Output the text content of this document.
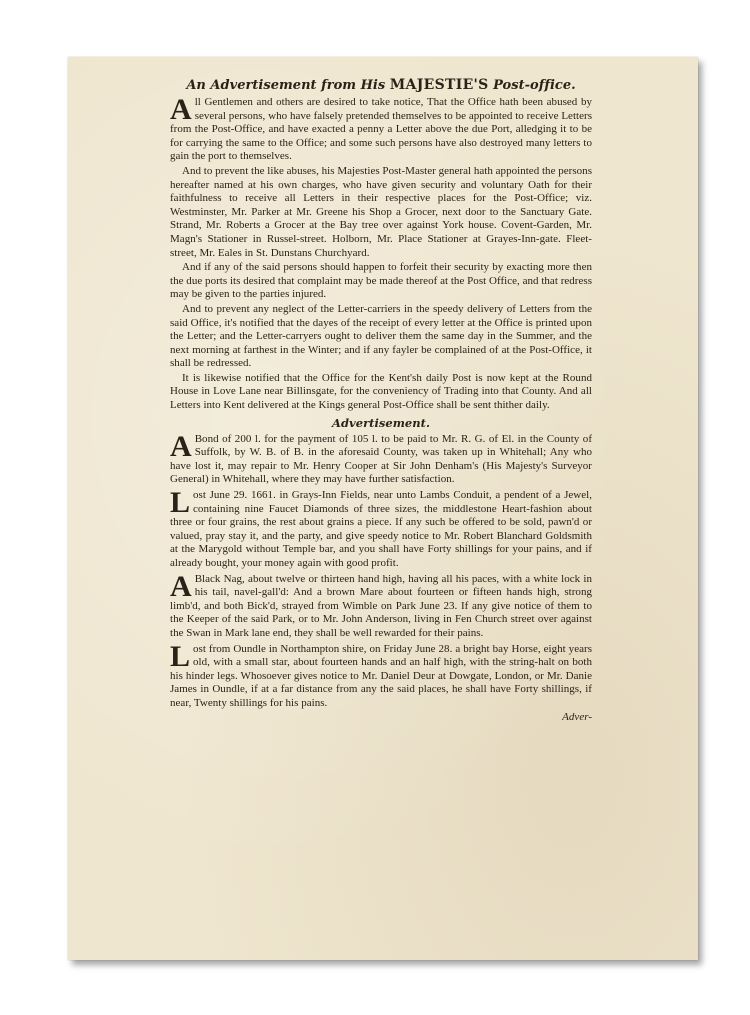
An Advertisement from His MAJESTIE'S Post-office.

All Gentlemen and others are desired to take notice, That the Office hath been abused by several persons, who have falsely pretended themselves to be appointed to receive Letters from the Post-Office, and have exacted a penny a Letter above the due Port, alledging it to be for carrying the same to the Office; and some such persons have also destroyed many letters to gain the port to themselves.

And to prevent the like abuses, his Majesties Post-Master general hath appointed the persons hereafter named at his own charges, who have given security and voluntary Oath for their faithfulness to receive all Letters in their respective places for the Post-Office; viz. Westminster, Mr. Parker at Mr. Greene his Shop a Grocer, next door to the Sanctuary Gate. Strand, Mr. Roberts a Grocer at the Bay tree over against York house. Covent-Garden, Mr. Magn's Stationer in Russel-street. Holborn, Mr. Place Stationer at Grayes-Inn-gate. Fleet-street, Mr. Eales in St. Dunstans Churchyard.

And if any of the said persons should happen to forfeit their security by exacting more then the due ports its desired that complaint may be made thereof at the Post Office, and that redress may be given to the parties injured.

And to prevent any neglect of the Letter-carriers in the speedy delivery of Letters from the said Office, it's notified that the dayes of the receipt of every letter at the Office is printed upon the Letter; and the Letter-carryers ought to deliver them the same day in the Summer, and the next morning at farthest in the Winter; and if any fayler be complained of at the Post-Office, it shall be redressed.

It is likewise notified that the Office for the Kent'sh daily Post is now kept at the Round House in Love Lane near Billinsgate, for the conveniency of Trading into that County. And all Letters into Kent delivered at the Kings general Post-Office shall be sent thither daily.

Advertisement.

ABond of 200 l. for the payment of 105 l. to be paid to Mr. R. G. of El. in the County of Suffolk, by W. B. of B. in the aforesaid County, was taken up in Whitehall; Any who have lost it, may repair to Mr. Henry Cooper at Sir John Denham's (His Majesty's Surveyor General) in Whitehall, where they may have further satisfaction.

Lost June 29. 1661. in Grays-Inn Fields, near unto Lambs Conduit, a pendent of a Jewel, containing nine Faucet Diamonds of three sizes, the middlestone Heart-fashion about three or four grains, the rest about grains a piece. If any such be offered to be sold, pawn'd or valued, pray stay it, and the party, and give speedy notice to Mr. Robert Blanchard Goldsmith at the Marygold without Temple bar, and you shall have Forty shillings for your pains, and if already bought, your money again with good profit.

ABlack Nag, about twelve or thirteen hand high, having all his paces, with a white lock in his tail, navel-gall'd: And a brown Mare about fourteen or fifteen hands high, strong limb'd, and both Bick'd, strayed from Wimble on Park June 23. If any give notice of them to the Keeper of the said Park, or to Mr. John Anderson, living in Fen Church street over against the Swan in Mark lane end, they shall be well rewarded for their pains.

Lost from Oundle in Northampton shire, on Friday June 28. a bright bay Horse, eight years old, with a small star, about fourteen hands and an half high, with the string-halt on both his hinder legs. Whosoever gives notice to Mr. Daniel Deur at Dowgate, London, or Mr. Danie James in Oundle, if at a far distance from any the said places, he shall have Forty shillings, if near, Twenty shillings for his pains.

Adver-
